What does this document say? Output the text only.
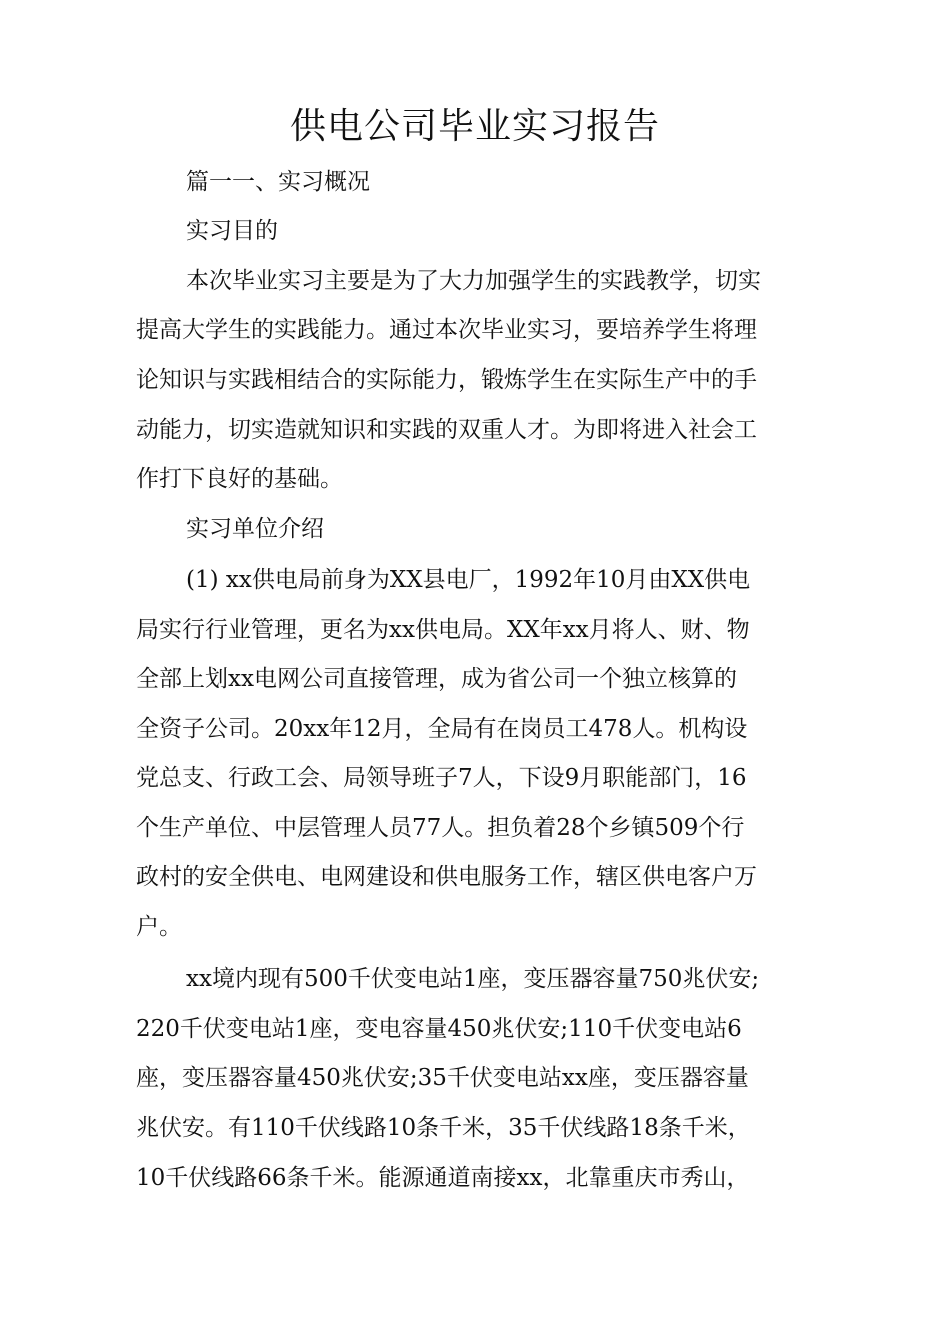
供电公司毕业实习报告
篇一一、实习概况
实习目的
本次毕业实习主要是为了大力加强学生的实践教学，切实
提高大学生的实践能力。通过本次毕业实习，要培养学生将理
论知识与实践相结合的实际能力，锻炼学生在实际生产中的手
动能力，切实造就知识和实践的双重人才。为即将进入社会工
作打下良好的基础。
实习单位介绍
(1) xx供电局前身为XX县电厂，1992年10月由XX供电
局实行行业管理，更名为xx供电局。XX年xx月将人、财、物
全部上划xx电网公司直接管理，成为省公司一个独立核算的
全资子公司。20xx年12月，全局有在岗员工478人。机构设
党总支、行政工会、局领导班子7人，下设9月职能部门，16
个生产单位、中层管理人员77人。担负着28个乡镇509个行
政村的安全供电、电网建设和供电服务工作，辖区供电客户万
户。
xx境内现有500千伏变电站1座，变压器容量750兆伏安;
220千伏变电站1座，变电容量450兆伏安;110千伏变电站6
座，变压器容量450兆伏安;35千伏变电站xx座，变压器容量
兆伏安。有110千伏线路10条千米，35千伏线路18条千米，
10千伏线路66条千米。能源通道南接xx，北靠重庆市秀山，
